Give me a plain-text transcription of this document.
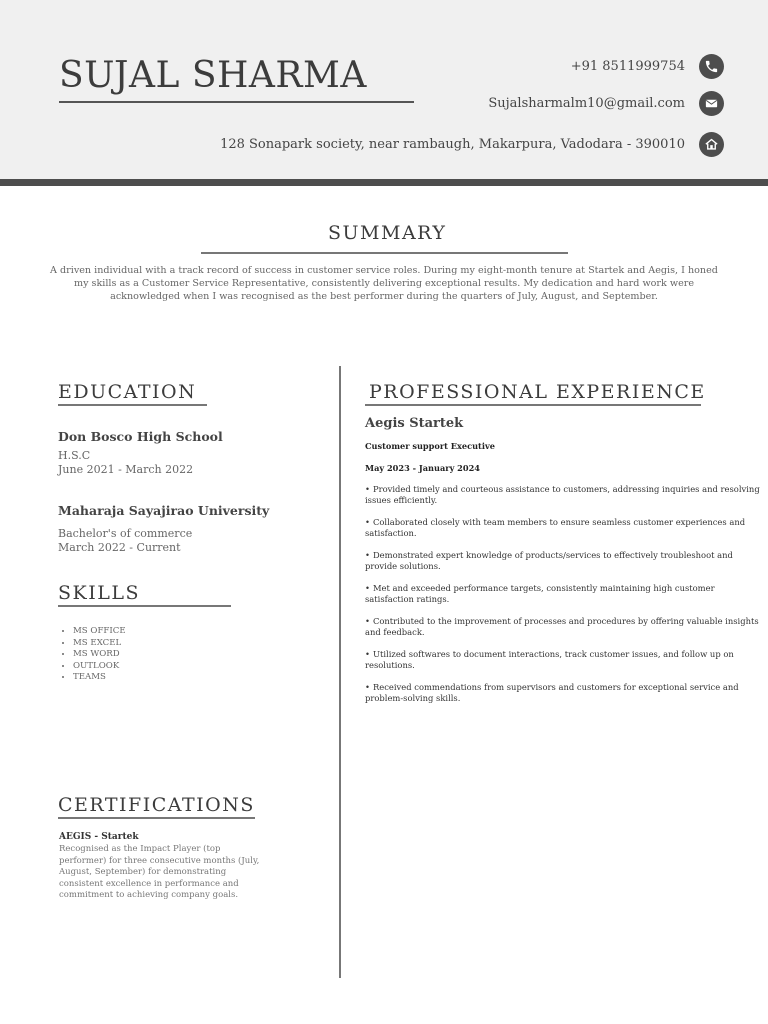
SUJAL SHARMA	+91 8511999754
Sujalsharmalm10@gmail.com
128 Sonapark society, near rambaugh, Makarpura, Vadodara - 390010
SUMMARY
A driven individual with a track record of success in customer service roles. During my eight-month tenure at Startek and Aegis, I honed my skills as a Customer Service Representative, consistently delivering exceptional results. My dedication and hard work were acknowledged when I was recognised as the best performer during the quarters of July, August, and September.
EDUCATION
Don Bosco High School
H.S.C
June 2021 - March 2022
Maharaja Sayajirao University
Bachelor's of commerce
March 2022 - Current
SKILLS
• MS OFFICE
• MS EXCEL
• MS WORD
• OUTLOOK
• TEAMS
CERTIFICATIONS
AEGIS - Startek
Recognised as the Impact Player (top performer) for three consecutive months (July, August, September) for demonstrating consistent excellence in performance and commitment to achieving company goals.
PROFESSIONAL EXPERIENCE
Aegis Startek
Customer support Executive
May 2023 - January 2024
• Provided timely and courteous assistance to customers, addressing inquiries and resolving issues efficiently.
• Collaborated closely with team members to ensure seamless customer experiences and satisfaction.
• Demonstrated expert knowledge of products/services to effectively troubleshoot and provide solutions.
• Met and exceeded performance targets, consistently maintaining high customer satisfaction ratings.
• Contributed to the improvement of processes and procedures by offering valuable insights and feedback.
• Utilized softwares to document interactions, track customer issues, and follow up on resolutions.
• Received commendations from supervisors and customers for exceptional service and problem-solving skills.
